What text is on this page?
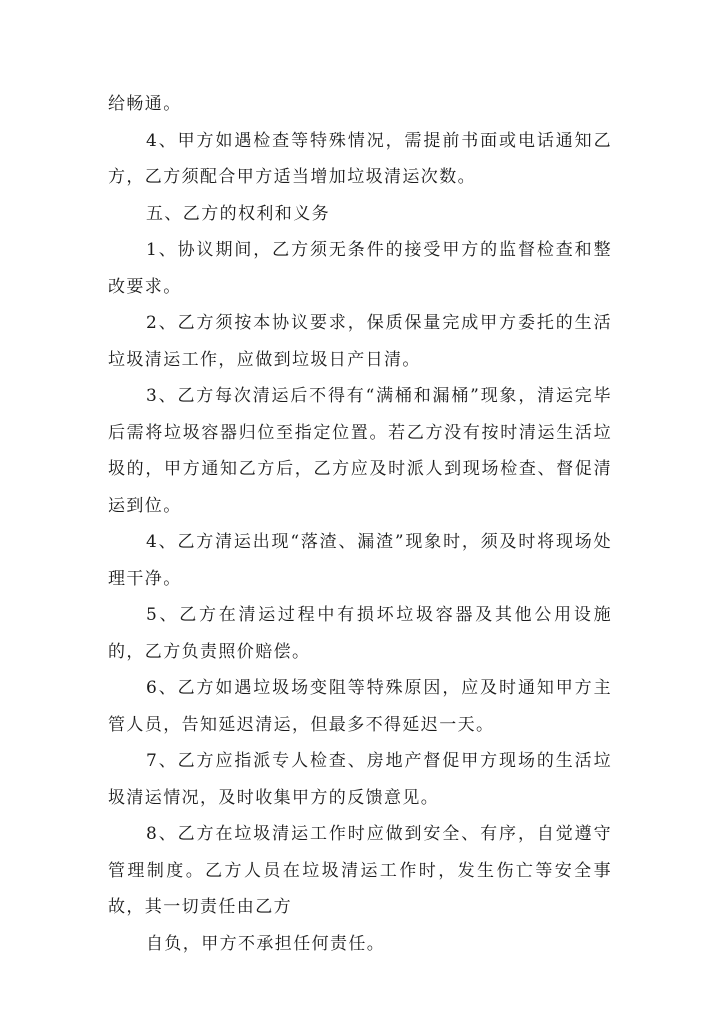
给畅通。

4、甲方如遇检查等特殊情况，需提前书面或电话通知乙方，乙方须配合甲方适当增加垃圾清运次数。

五、乙方的权利和义务

1、协议期间，乙方须无条件的接受甲方的监督检查和整改要求。

2、乙方须按本协议要求，保质保量完成甲方委托的生活垃圾清运工作，应做到垃圾日产日清。

3、乙方每次清运后不得有“满桶和漏桶”现象，清运完毕后需将垃圾容器归位至指定位置。若乙方没有按时清运生活垃圾的，甲方通知乙方后，乙方应及时派人到现场检查、督促清运到位。

4、乙方清运出现“落渣、漏渣”现象时，须及时将现场处理干净。

5、乙方在清运过程中有损坏垃圾容器及其他公用设施的，乙方负责照价赔偿。

6、乙方如遇垃圾场变阻等特殊原因，应及时通知甲方主管人员，告知延迟清运，但最多不得延迟一天。

7、乙方应指派专人检查、房地产督促甲方现场的生活垃圾清运情况，及时收集甲方的反馈意见。

8、乙方在垃圾清运工作时应做到安全、有序，自觉遵守管理制度。乙方人员在垃圾清运工作时，发生伤亡等安全事故，其一切责任由乙方

自负，甲方不承担任何责任。
